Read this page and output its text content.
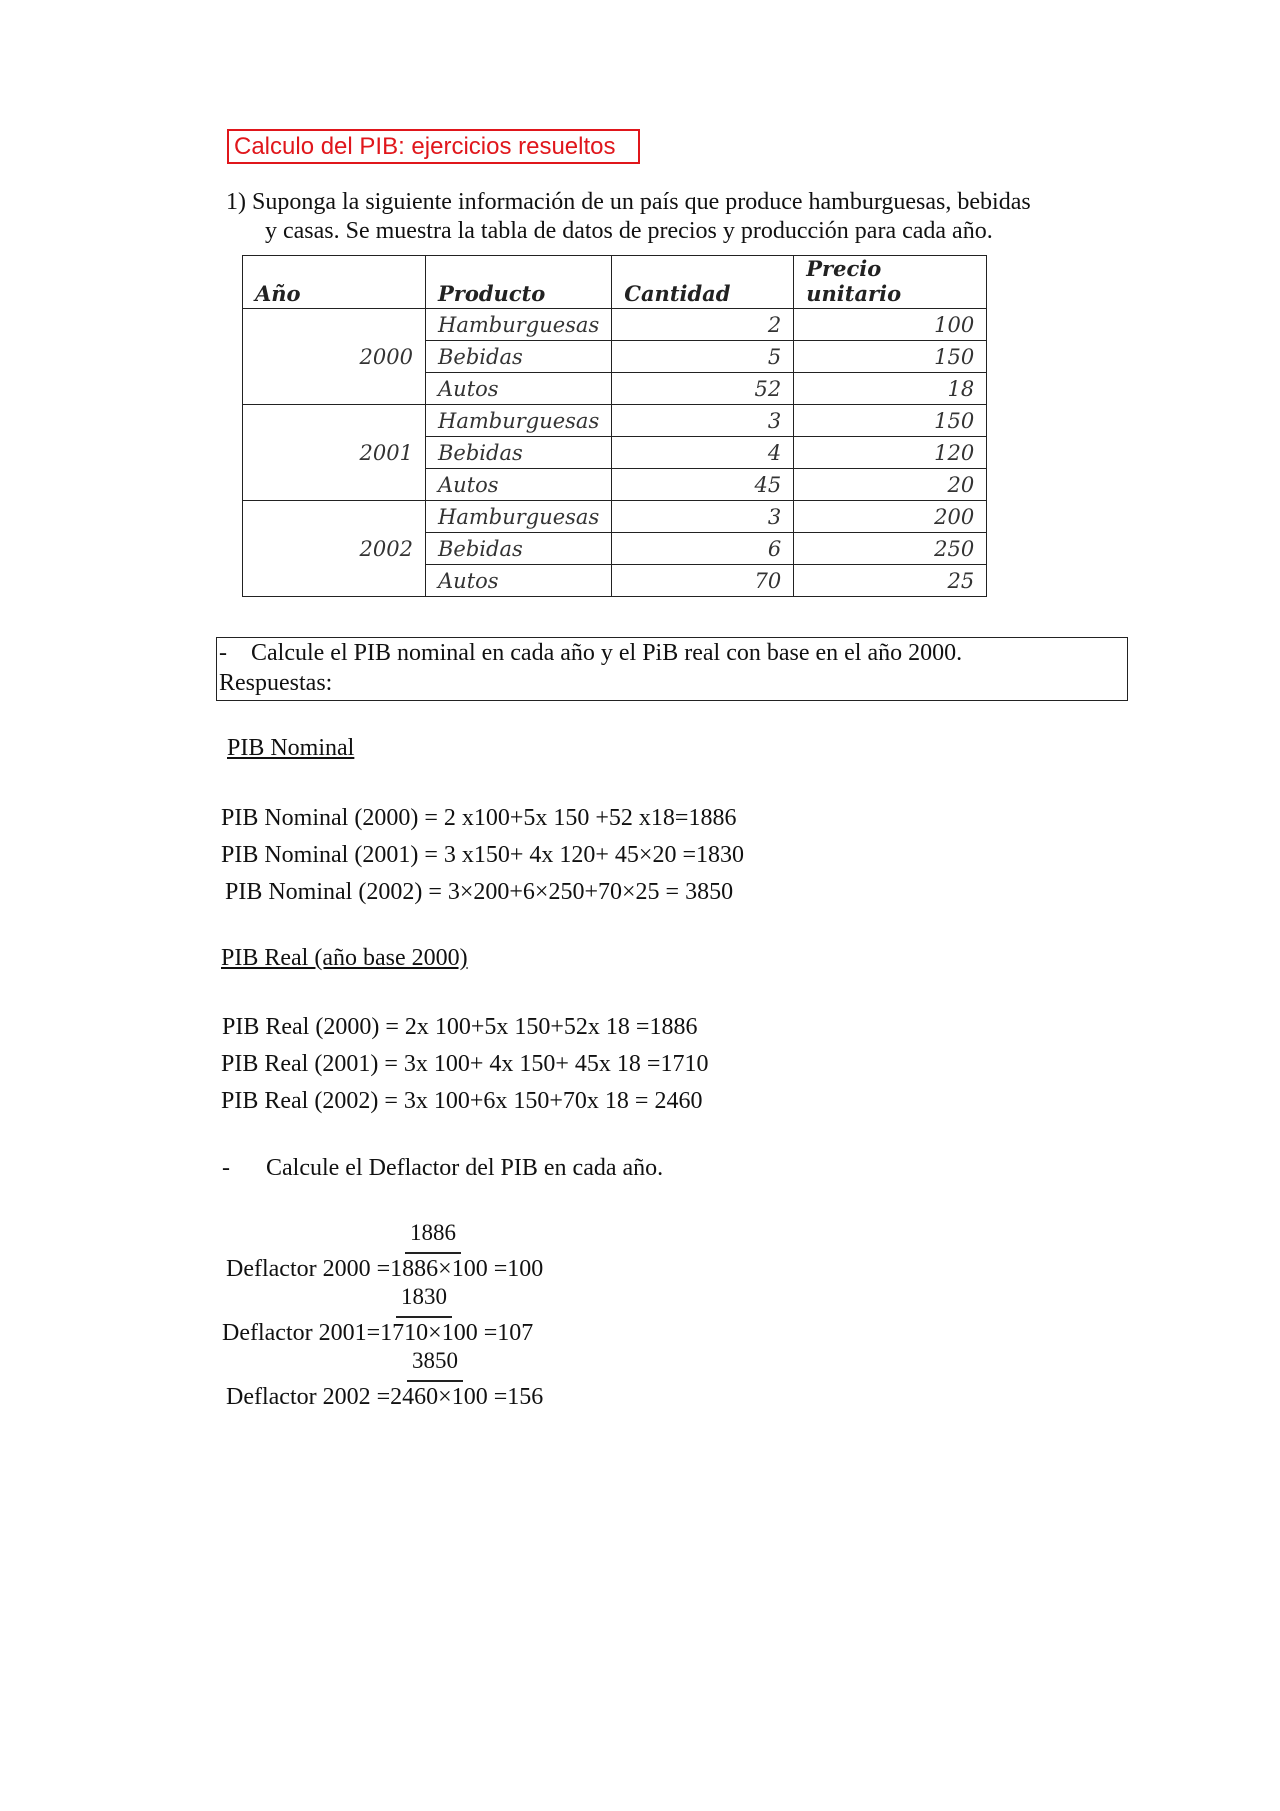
Calculo del PIB: ejercicios resueltos
1) Suponga la siguiente información de un país que produce hamburguesas, bebidas
y casas. Se muestra la tabla de datos de precios y producción para cada año.
Año	Producto	Cantidad	Precio unitario
2000	Hamburguesas	2	100
	Bebidas	5	150
	Autos	52	18
2001	Hamburguesas	3	150
	Bebidas	4	120
	Autos	45	20
2002	Hamburguesas	3	200
	Bebidas	6	250
	Autos	70	25
-    Calcule el PIB nominal en cada año y el PiB real con base en el año 2000.
Respuestas:
PIB Nominal
PIB Nominal (2000) = 2 x100+5x 150 +52 x18=1886
PIB Nominal (2001) = 3 x150+ 4x 120+ 45×20 =1830
PIB Nominal (2002) = 3×200+6×250+70×25 = 3850
PIB Real (año base 2000)
PIB Real (2000) = 2x 100+5x 150+52x 18 =1886
PIB Real (2001) = 3x 100+ 4x 150+ 45x 18 =1710
PIB Real (2002) = 3x 100+6x 150+70x 18 = 2460
-      Calcule el Deflactor del PIB en cada año.
1886
Deflactor 2000 =1886×100 =100
1830
Deflactor 2001=1710×100 =107
3850
Deflactor 2002 =2460×100 =156
